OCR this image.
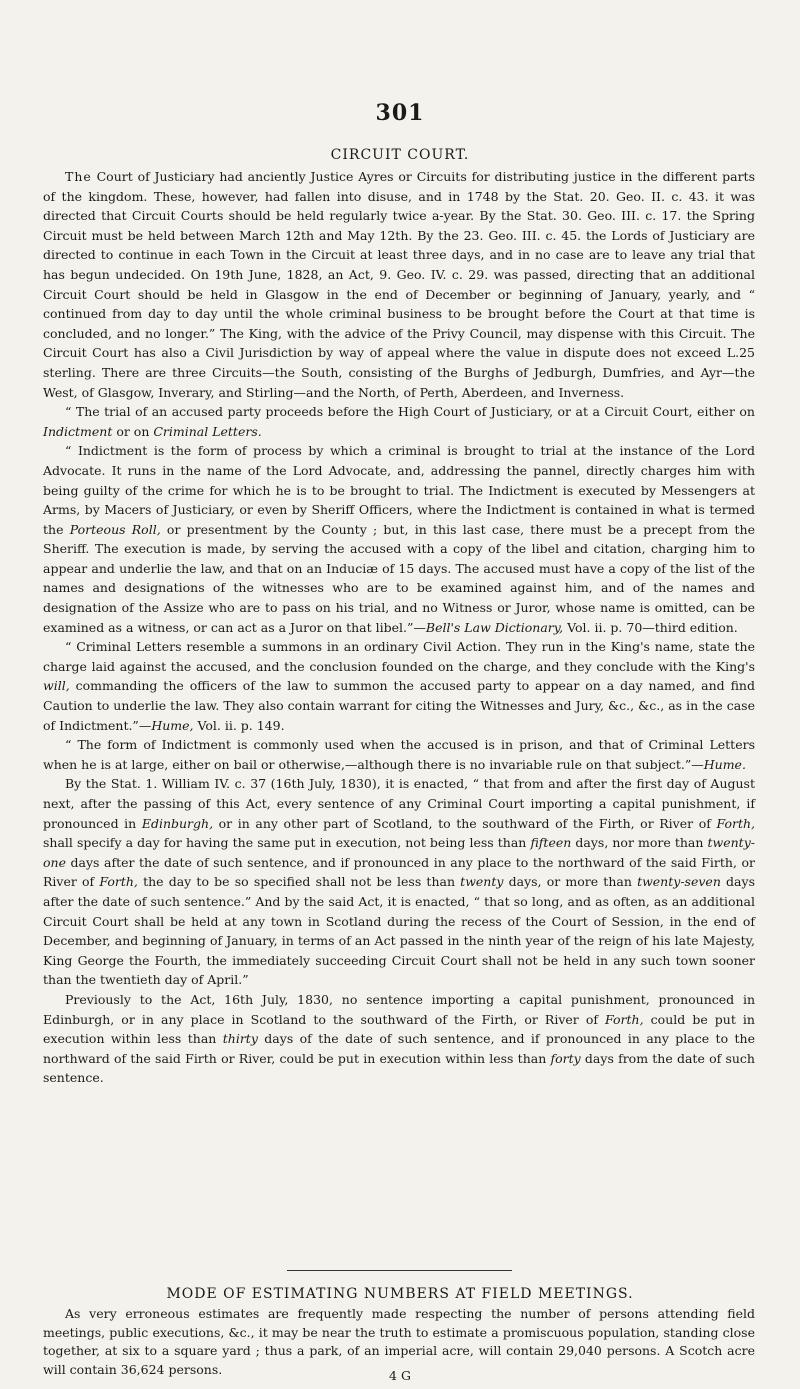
301
CIRCUIT COURT.

The Court of Justiciary had anciently Justice Ayres or Circuits for distributing justice in the different parts of the kingdom. These, however, had fallen into disuse, and in 1748 by the Stat. 20. Geo. II. c. 43. it was directed that Circuit Courts should be held regularly twice a-year. By the Stat. 30. Geo. III. c. 17. the Spring Circuit must be held between March 12th and May 12th. By the 23. Geo. III. c. 45. the Lords of Justiciary are directed to continue in each Town in the Circuit at least three days, and in no case are to leave any trial that has begun undecided. On 19th June, 1828, an Act, 9. Geo. IV. c. 29. was passed, directing that an additional Circuit Court should be held in Glasgow in the end of December or beginning of January, yearly, and “ continued from day to day until the whole criminal business to be brought before the Court at that time is concluded, and no longer.” The King, with the advice of the Privy Council, may dispense with this Circuit. The Circuit Court has also a Civil Jurisdiction by way of appeal where the value in dispute does not exceed L.25 sterling. There are three Circuits—the South, consisting of the Burghs of Jedburgh, Dumfries, and Ayr—the West, of Glasgow, Inverary, and Stirling—and the North, of Perth, Aberdeen, and Inverness.

“ The trial of an accused party proceeds before the High Court of Justiciary, or at a Circuit Court, either on Indictment or on Criminal Letters.

“ Indictment is the form of process by which a criminal is brought to trial at the instance of the Lord Advocate. It runs in the name of the Lord Advocate, and, addressing the pannel, directly charges him with being guilty of the crime for which he is to be brought to trial. The Indictment is executed by Messengers at Arms, by Macers of Justiciary, or even by Sheriff Officers, where the Indictment is contained in what is termed the Porteous Roll, or presentment by the County ; but, in this last case, there must be a precept from the Sheriff. The execution is made, by serving the accused with a copy of the libel and citation, charging him to appear and underlie the law, and that on an Induciæ of 15 days. The accused must have a copy of the list of the names and designations of the witnesses who are to be examined against him, and of the names and designation of the Assize who are to pass on his trial, and no Witness or Juror, whose name is omitted, can be examined as a witness, or can act as a Juror on that libel.”—Bell's Law Dictionary, Vol. ii. p. 70—third edition.

“ Criminal Letters resemble a summons in an ordinary Civil Action. They run in the King's name, state the charge laid against the accused, and the conclusion founded on the charge, and they conclude with the King's will, commanding the officers of the law to summon the accused party to appear on a day named, and find Caution to underlie the law. They also contain warrant for citing the Witnesses and Jury, &c., &c., as in the case of Indictment.”—Hume, Vol. ii. p. 149.

“ The form of Indictment is commonly used when the accused is in prison, and that of Criminal Letters when he is at large, either on bail or otherwise,—although there is no invariable rule on that subject.”—Hume.

By the Stat. 1. William IV. c. 37 (16th July, 1830), it is enacted, “ that from and after the first day of August next, after the passing of this Act, every sentence of any Criminal Court importing a capital punishment, if pronounced in Edinburgh, or in any other part of Scotland, to the southward of the Firth, or River of Forth, shall specify a day for having the same put in execution, not being less than fifteen days, nor more than twenty-one days after the date of such sentence, and if pronounced in any place to the northward of the said Firth, or River of Forth, the day to be so specified shall not be less than twenty days, or more than twenty-seven days after the date of such sentence.” And by the said Act, it is enacted, “ that so long, and as often, as an additional Circuit Court shall be held at any town in Scotland during the recess of the Court of Session, in the end of December, and beginning of January, in terms of an Act passed in the ninth year of the reign of his late Majesty, King George the Fourth, the immediately succeeding Circuit Court shall not be held in any such town sooner than the twentieth day of April.”

Previously to the Act, 16th July, 1830, no sentence importing a capital punishment, pronounced in Edinburgh, or in any place in Scotland to the southward of the Firth, or River of Forth, could be put in execution within less than thirty days of the date of such sentence, and if pronounced in any place to the northward of the said Firth or River, could be put in execution within less than forty days from the date of such sentence.

MODE OF ESTIMATING NUMBERS AT FIELD MEETINGS.

As very erroneous estimates are frequently made respecting the number of persons attending field meetings, public executions, &c., it may be near the truth to estimate a promiscuous population, standing close together, at six to a square yard ; thus a park, of an imperial acre, will contain 29,040 persons. A Scotch acre will contain 36,624 persons.	4 G
